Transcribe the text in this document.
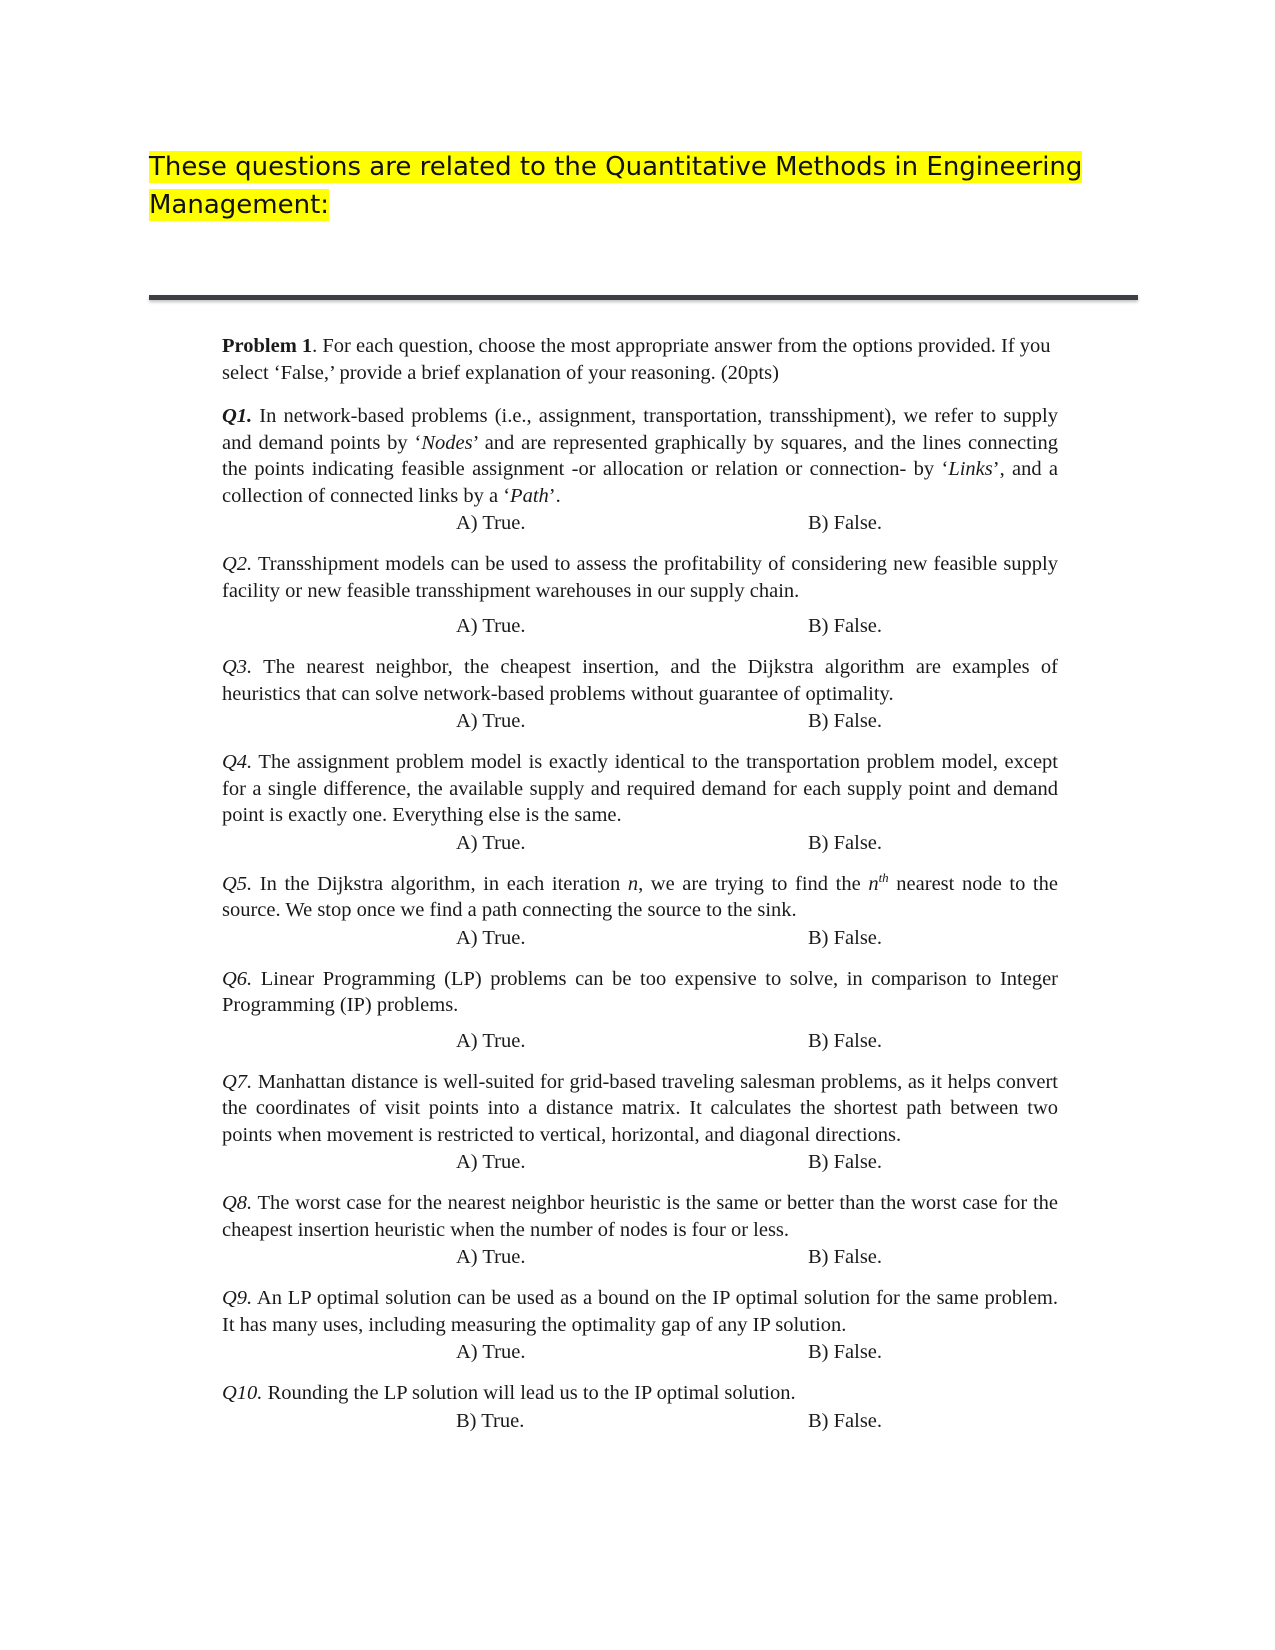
These questions are related to the Quantitative Methods in Engineering
Management:

Problem 1. For each question, choose the most appropriate answer from the options provided. If you select ‘False,’ provide a brief explanation of your reasoning. (20pts)

Q1. In network-based problems (i.e., assignment, transportation, transshipment), we refer to supply and demand points by ‘Nodes’ and are represented graphically by squares, and the lines connecting the points indicating feasible assignment -or allocation or relation or connection- by ‘Links’, and a collection of connected links by a ‘Path’.

A) True.	B) False.

Q2. Transshipment models can be used to assess the profitability of considering new feasible supply facility or new feasible transshipment warehouses in our supply chain.

A) True.	B) False.

Q3. The nearest neighbor, the cheapest insertion, and the Dijkstra algorithm are examples of heuristics that can solve network-based problems without guarantee of optimality.

A) True.	B) False.

Q4. The assignment problem model is exactly identical to the transportation problem model, except for a single difference, the available supply and required demand for each supply point and demand point is exactly one. Everything else is the same.

A) True.	B) False.

Q5. In the Dijkstra algorithm, in each iteration n, we are trying to find the $n^{th}$ nearest node to the source. We stop once we find a path connecting the source to the sink.

A) True.	B) False.

Q6. Linear Programming (LP) problems can be too expensive to solve, in comparison to Integer Programming (IP) problems.

A) True.	B) False.

Q7. Manhattan distance is well-suited for grid-based traveling salesman problems, as it helps convert the coordinates of visit points into a distance matrix. It calculates the shortest path between two points when movement is restricted to vertical, horizontal, and diagonal directions.

A) True.	B) False.

Q8. The worst case for the nearest neighbor heuristic is the same or better than the worst case for the cheapest insertion heuristic when the number of nodes is four or less.

A) True.	B) False.

Q9. An LP optimal solution can be used as a bound on the IP optimal solution for the same problem. It has many uses, including measuring the optimality gap of any IP solution.

A) True.	B) False.

Q10. Rounding the LP solution will lead us to the IP optimal solution.

B) True.	B) False.
